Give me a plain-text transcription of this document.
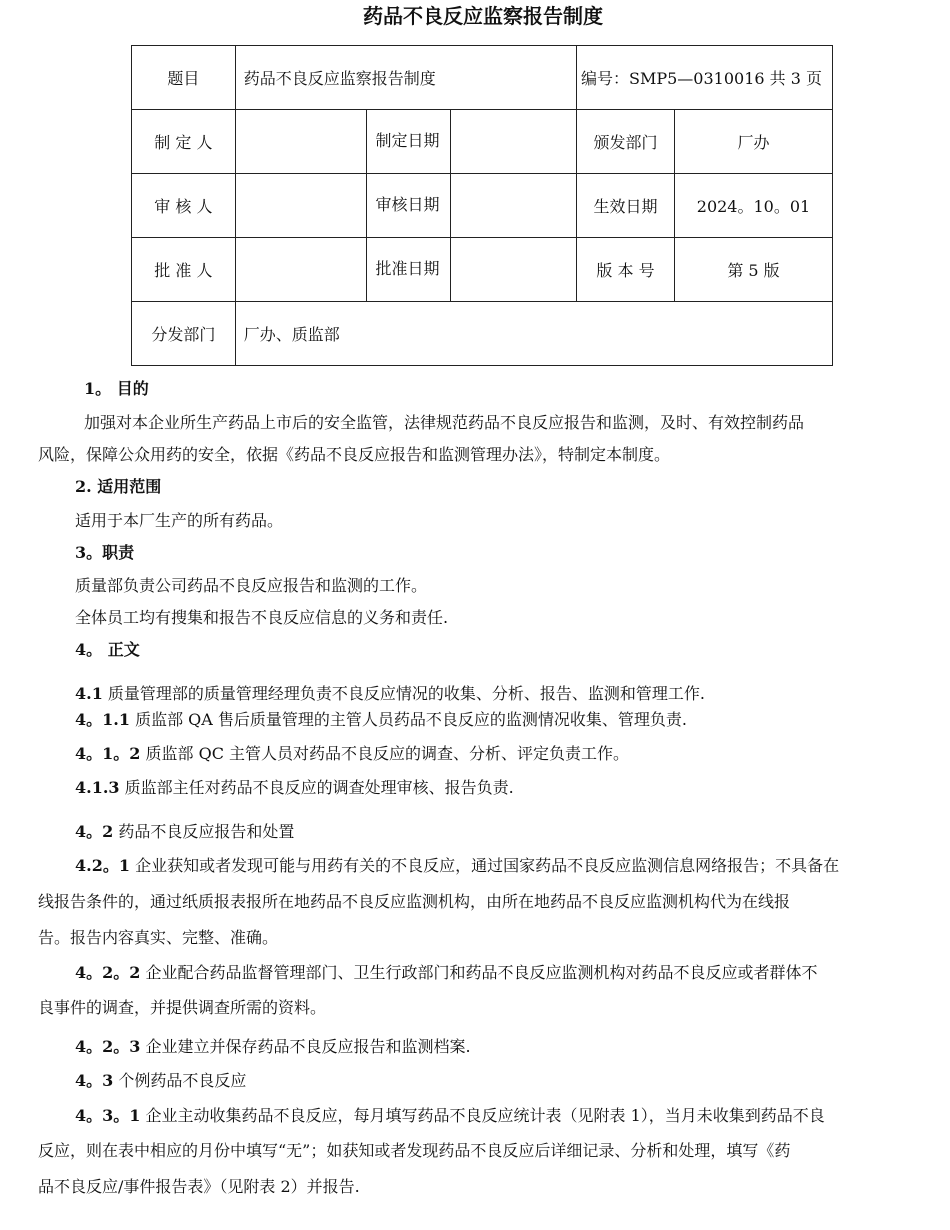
药品不良反应监察报告制度
题目	药品不良反应监察报告制度			编号：SMP5—0310016 共 3 页	
制 定 人		制定日期		颁发部门	厂办
审 核 人		审核日期		生效日期	2024。10。01
批 准 人		批准日期		版 本 号	第 5 版
分发部门	厂办、质监部				
1。 目的
加强对本企业所生产药品上市后的安全监管，法律规范药品不良反应报告和监测，及时、有效控制药品
风险，保障公众用药的安全，依据《药品不良反应报告和监测管理办法》，特制定本制度。
2. 适用范围
适用于本厂生产的所有药品。
3。职责
质量部负责公司药品不良反应报告和监测的工作。
全体员工均有搜集和报告不良反应信息的义务和责任.
4。 正文
4.1 质量管理部的质量管理经理负责不良反应情况的收集、分析、报告、监测和管理工作.
4。1.1 质监部 QA 售后质量管理的主管人员药品不良反应的监测情况收集、管理负责.
4。1。2 质监部 QC 主管人员对药品不良反应的调查、分析、评定负责工作。
4.1.3 质监部主任对药品不良反应的调查处理审核、报告负责.
4。2 药品不良反应报告和处置
4.2。1 企业获知或者发现可能与用药有关的不良反应，通过国家药品不良反应监测信息网络报告；不具备在
线报告条件的，通过纸质报表报所在地药品不良反应监测机构，由所在地药品不良反应监测机构代为在线报
告。报告内容真实、完整、准确。
4。2。2 企业配合药品监督管理部门、卫生行政部门和药品不良反应监测机构对药品不良反应或者群体不
良事件的调查，并提供调查所需的资料。
4。2。3 企业建立并保存药品不良反应报告和监测档案.
4。3 个例药品不良反应
4。3。1 企业主动收集药品不良反应，每月填写药品不良反应统计表（见附表 1），当月未收集到药品不良
反应，则在表中相应的月份中填写“无”；如获知或者发现药品不良反应后详细记录、分析和处理，填写《药
品不良反应/事件报告表》（见附表 2）并报告.
